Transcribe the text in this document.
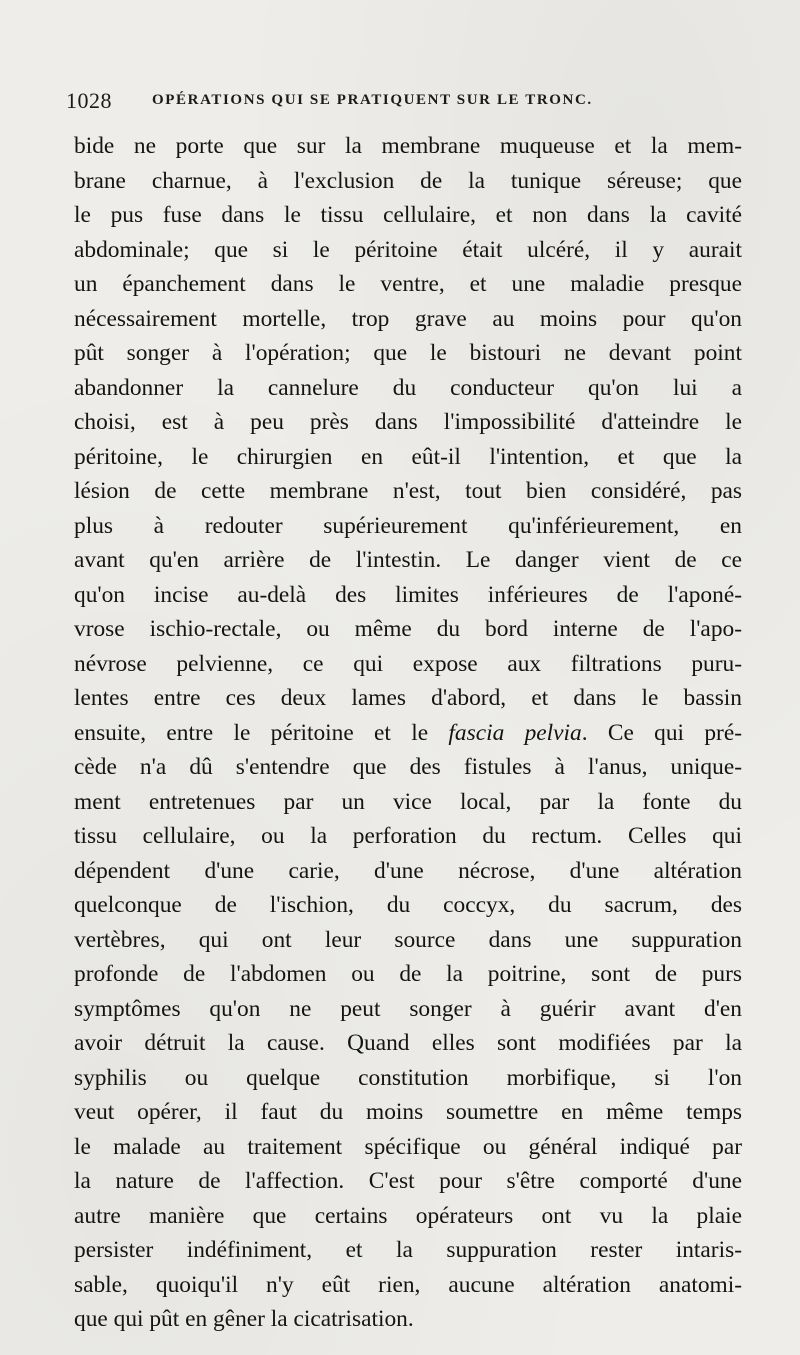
1028	OPÉRATIONS QUI SE PRATIQUENT SUR LE TRONC.
bide ne porte que sur la membrane muqueuse et la mem-
brane charnue, à l'exclusion de la tunique séreuse; que
le pus fuse dans le tissu cellulaire, et non dans la cavité
abdominale; que si le péritoine était ulcéré, il y aurait
un épanchement dans le ventre, et une maladie presque
nécessairement mortelle, trop grave au moins pour qu'on
pût songer à l'opération; que le bistouri ne devant point
abandonner la cannelure du conducteur qu'on lui a
choisi, est à peu près dans l'impossibilité d'atteindre le
péritoine, le chirurgien en eût-il l'intention, et que la
lésion de cette membrane n'est, tout bien considéré, pas
plus à redouter supérieurement qu'inférieurement, en
avant qu'en arrière de l'intestin. Le danger vient de ce
qu'on incise au-delà des limites inférieures de l'aponé-
vrose ischio-rectale, ou même du bord interne de l'apo-
névrose pelvienne, ce qui expose aux filtrations puru-
lentes entre ces deux lames d'abord, et dans le bassin
ensuite, entre le péritoine et le fascia pelvia. Ce qui pré-
cède n'a dû s'entendre que des fistules à l'anus, unique-
ment entretenues par un vice local, par la fonte du
tissu cellulaire, ou la perforation du rectum. Celles qui
dépendent d'une carie, d'une nécrose, d'une altération
quelconque de l'ischion, du coccyx, du sacrum, des
vertèbres, qui ont leur source dans une suppuration
profonde de l'abdomen ou de la poitrine, sont de purs
symptômes qu'on ne peut songer à guérir avant d'en
avoir détruit la cause. Quand elles sont modifiées par la
syphilis ou quelque constitution morbifique, si l'on
veut opérer, il faut du moins soumettre en même temps
le malade au traitement spécifique ou général indiqué par
la nature de l'affection. C'est pour s'être comporté d'une
autre manière que certains opérateurs ont vu la plaie
persister indéfiniment, et la suppuration rester intaris-
sable, quoiqu'il n'y eût rien, aucune altération anatomi-
que qui pût en gêner la cicatrisation.
